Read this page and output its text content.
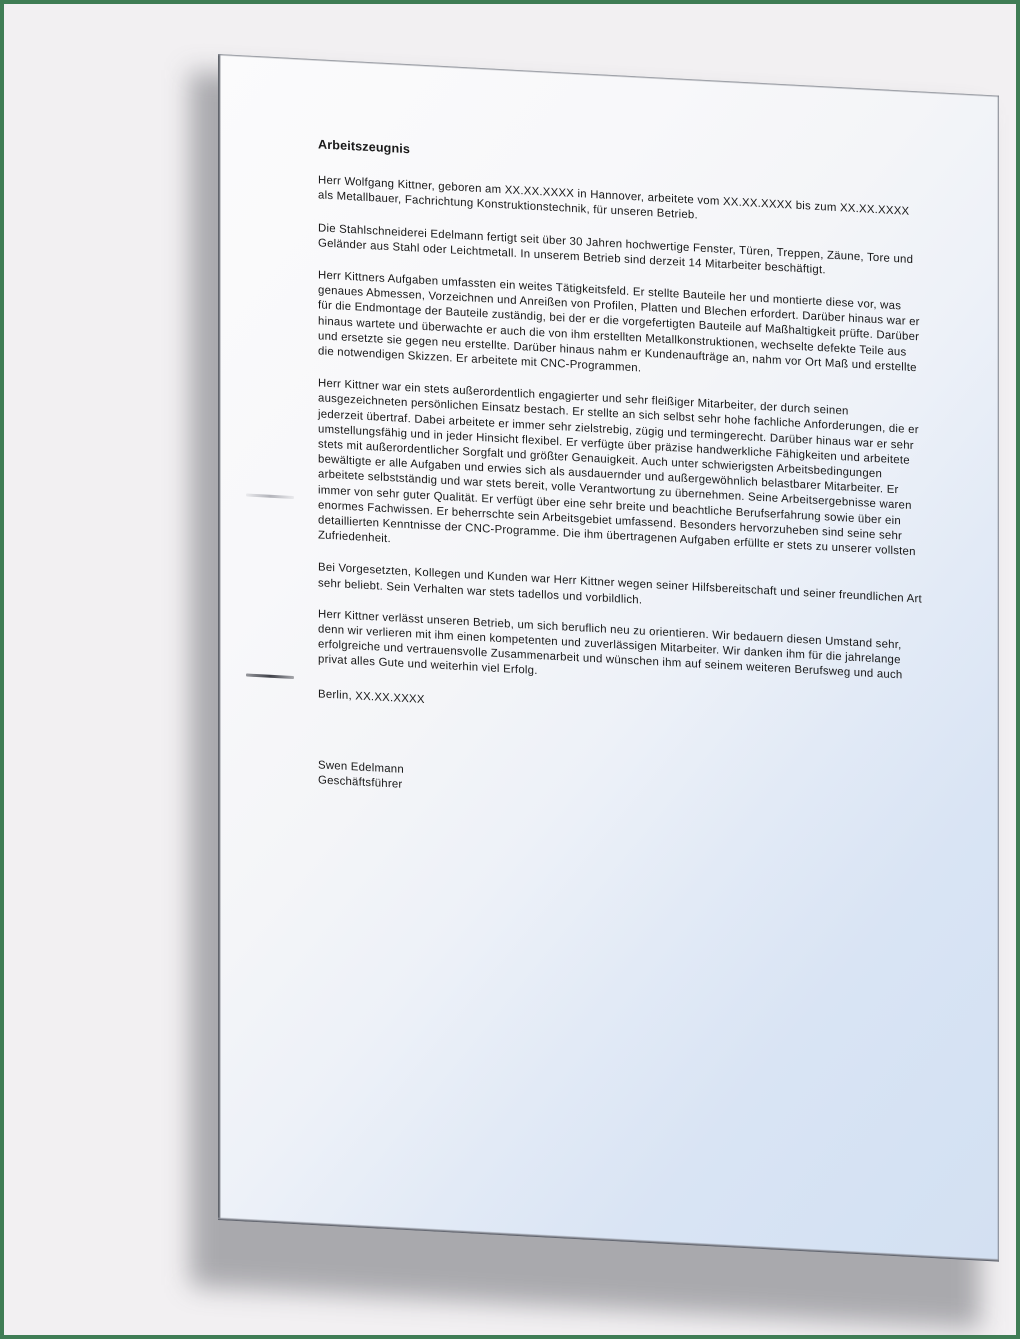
Arbeitszeugnis

Herr Wolfgang Kittner, geboren am XX.XX.XXXX in Hannover, arbeitete vom XX.XX.XXXX bis zum XX.XX.XXXX als Metallbauer, Fachrichtung Konstruktionstechnik, für unseren Betrieb.

Die Stahlschneiderei Edelmann fertigt seit über 30 Jahren hochwertige Fenster, Türen, Treppen, Zäune, Tore und Geländer aus Stahl oder Leichtmetall. In unserem Betrieb sind derzeit 14 Mitarbeiter beschäftigt.

Herr Kittners Aufgaben umfassten ein weites Tätigkeitsfeld. Er stellte Bauteile her und montierte diese vor, was genaues Abmessen, Vorzeichnen und Anreißen von Profilen, Platten und Blechen erfordert. Darüber hinaus war er für die Endmontage der Bauteile zuständig, bei der er die vorgefertigten Bauteile auf Maßhaltigkeit prüfte. Darüber hinaus wartete und überwachte er auch die von ihm erstellten Metallkonstruktionen, wechselte defekte Teile aus und ersetzte sie gegen neu erstellte. Darüber hinaus nahm er Kundenaufträge an, nahm vor Ort Maß und erstellte die notwendigen Skizzen. Er arbeitete mit CNC-Programmen.

Herr Kittner war ein stets außerordentlich engagierter und sehr fleißiger Mitarbeiter, der durch seinen ausgezeichneten persönlichen Einsatz bestach. Er stellte an sich selbst sehr hohe fachliche Anforderungen, die er jederzeit übertraf. Dabei arbeitete er immer sehr zielstrebig, zügig und termingerecht. Darüber hinaus war er sehr umstellungsfähig und in jeder Hinsicht flexibel. Er verfügte über präzise handwerkliche Fähigkeiten und arbeitete stets mit außerordentlicher Sorgfalt und größter Genauigkeit. Auch unter schwierigsten Arbeitsbedingungen bewältigte er alle Aufgaben und erwies sich als ausdauernder und außergewöhnlich belastbarer Mitarbeiter. Er arbeitete selbstständig und war stets bereit, volle Verantwortung zu übernehmen. Seine Arbeitsergebnisse waren immer von sehr guter Qualität. Er verfügt über eine sehr breite und beachtliche Berufserfahrung sowie über ein enormes Fachwissen. Er beherrschte sein Arbeitsgebiet umfassend. Besonders hervorzuheben sind seine sehr detaillierten Kenntnisse der CNC-Programme. Die ihm übertragenen Aufgaben erfüllte er stets zu unserer vollsten Zufriedenheit.

Bei Vorgesetzten, Kollegen und Kunden war Herr Kittner wegen seiner Hilfsbereitschaft und seiner freundlichen Art sehr beliebt. Sein Verhalten war stets tadellos und vorbildlich.

Herr Kittner verlässt unseren Betrieb, um sich beruflich neu zu orientieren. Wir bedauern diesen Umstand sehr, denn wir verlieren mit ihm einen kompetenten und zuverlässigen Mitarbeiter. Wir danken ihm für die jahrelange erfolgreiche und vertrauensvolle Zusammenarbeit und wünschen ihm auf seinem weiteren Berufsweg und auch privat alles Gute und weiterhin viel Erfolg.

Berlin, XX.XX.XXXX

Swen Edelmann
Geschäftsführer
